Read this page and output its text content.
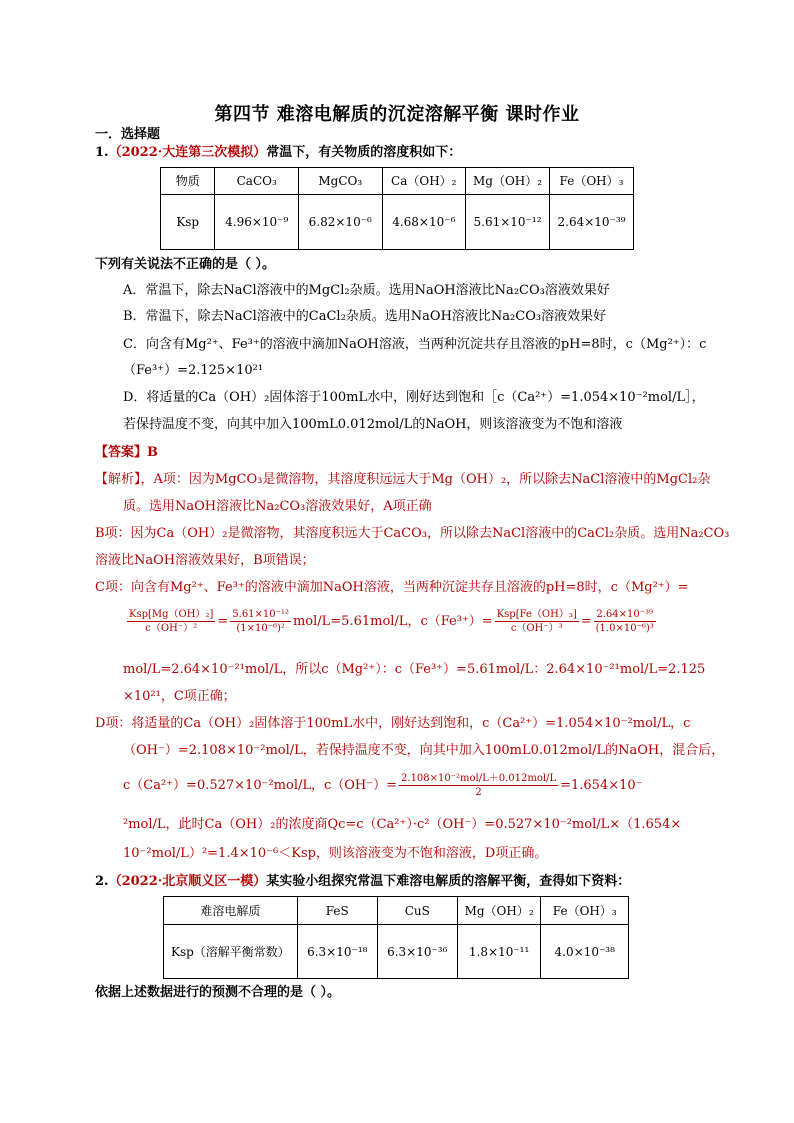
第四节 难溶电解质的沉淀溶解平衡 课时作业
一．选择题
1.（2022·大连第三次模拟）常温下，有关物质的溶度积如下：
物质	CaCO₃	MgCO₃	Ca（OH）₂	Mg（OH）₂	Fe（OH）₃
Ksp	4.96×10⁻⁹	6.82×10⁻⁶	4.68×10⁻⁶	5.61×10⁻¹²	2.64×10⁻³⁹
下列有关说法不正确的是（ ）。
A．常温下，除去NaCl溶液中的MgCl₂杂质。选用NaOH溶液比Na₂CO₃溶液效果好
B．常温下，除去NaCl溶液中的CaCl₂杂质。选用NaOH溶液比Na₂CO₃溶液效果好
C．向含有Mg²⁺、Fe³⁺的溶液中滴加NaOH溶液，当两种沉淀共存且溶液的pH=8时，c（Mg²⁺）：c
（Fe³⁺）=2.125×10²¹
D．将适量的Ca（OH）₂固体溶于100mL水中，刚好达到饱和［c（Ca²⁺）=1.054×10⁻²mol/L］，
若保持温度不变，向其中加入100mL0.012mol/L的NaOH，则该溶液变为不饱和溶液
【答案】B
【解析】，A项：因为MgCO₃是微溶物，其溶度积远远大于Mg（OH）₂，所以除去NaCl溶液中的MgCl₂杂
质。选用NaOH溶液比Na₂CO₃溶液效果好，A项正确
B项：因为Ca（OH）₂是微溶物，其溶度积远大于CaCO₃，所以除去NaCl溶液中的CaCl₂杂质。选用Na₂CO₃
溶液比NaOH溶液效果好，B项错误；
C项：向含有Mg²⁺、Fe³⁺的溶液中滴加NaOH溶液，当两种沉淀共存且溶液的pH=8时，c（Mg²⁺）=
$\frac{\text{Ksp[Mg（OH）₂]}}{\text{c（OH⁻）²}} = \frac{\text{5.61×10⁻¹²}}{\text{(1×10⁻⁶)²}} mol/L=5.61mol/L$，$c(Fe^{3+})= \frac{\text{Ksp[Fe（OH）₃]}}{\text{c（OH⁻）³}} = \frac{\text{2.64×10⁻³⁹}}{\text{(1.0×10⁻⁶)³}}$
mol/L=2.64×10⁻²¹mol/L，所以c（Mg²⁺）：c（Fe³⁺）=5.61mol/L：2.64×10⁻²¹mol/L=2.125
×10²¹，C项正确；
D项：将适量的Ca（OH）₂固体溶于100mL水中，刚好达到饱和，c（Ca²⁺）=1.054×10⁻²mol/L，c
（OH⁻）=2.108×10⁻²mol/L，若保持温度不变，向其中加入100mL0.012mol/L的NaOH，混合后，
c（Ca²⁺）=0.527×10⁻²mol/L，$c(OH^-)= \frac{\text{2.108×10⁻²mol/L＋0.012mol/L}}{2} =1.654\times 10^-$
²mol/L，此时Ca（OH）₂的浓度商Qc=c（Ca²⁺）·c²（OH⁻）=0.527×10⁻²mol/L×（1.654×
10⁻²mol/L）²=1.4×10⁻⁶＜Ksp，则该溶液变为不饱和溶液，D项正确。
2.（2022·北京顺义区一模）某实验小组探究常温下难溶电解质的溶解平衡，查得如下资料：
难溶电解质	FeS	CuS	Mg（OH）₂	Fe（OH）₃
Ksp（溶解平衡常数）	6.3×10⁻¹⁸	6.3×10⁻³⁶	1.8×10⁻¹¹	4.0×10⁻³⁸
依据上述数据进行的预测不合理的是（ ）。
